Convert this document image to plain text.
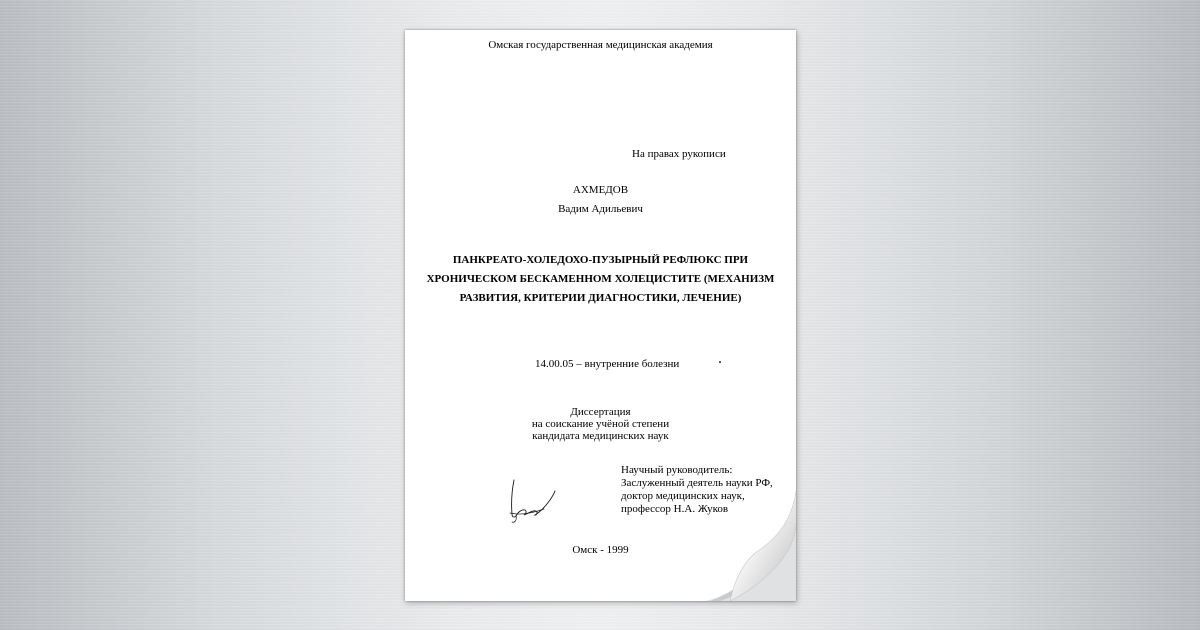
Омская государственная медицинская академия
На правах рукописи
АХМЕДОВ
Вадим Адильевич
ПАНКРЕАТО-ХОЛЕДОХО-ПУЗЫРНЫЙ РЕФЛЮКС ПРИ
ХРОНИЧЕСКОМ БЕСКАМЕННОМ ХОЛЕЦИСТИТЕ (МЕХАНИЗМ
РАЗВИТИЯ, КРИТЕРИИ ДИАГНОСТИКИ, ЛЕЧЕНИЕ)
14.00.05 – внутренние болезни
Диссертация
на соискание учёной степени
кандидата медицинских наук
Научный руководитель:
Заслуженный деятель науки РФ,
доктор медицинских наук,
профессор Н.А. Жуков
Омск - 1999
